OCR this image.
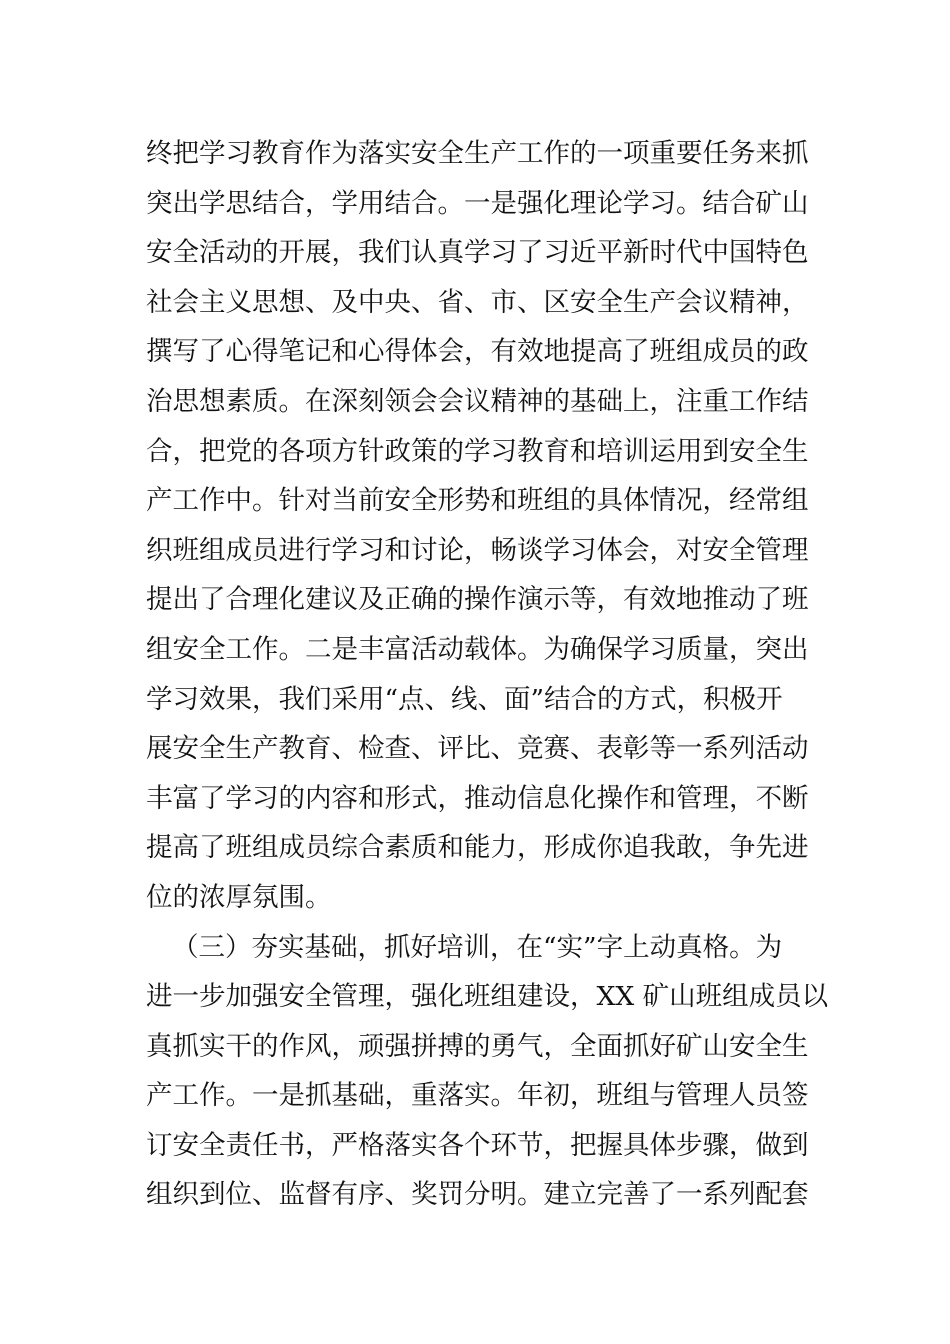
终把学习教育作为落实安全生产工作的一项重要任务来抓
突出学思结合，学用结合。一是强化理论学习。结合矿山
安全活动的开展，我们认真学习了习近平新时代中国特色
社会主义思想、及中央、省、市、区安全生产会议精神，
撰写了心得笔记和心得体会，有效地提高了班组成员的政
治思想素质。在深刻领会会议精神的基础上，注重工作结
合，把党的各项方针政策的学习教育和培训运用到安全生
产工作中。针对当前安全形势和班组的具体情况，经常组
织班组成员进行学习和讨论，畅谈学习体会，对安全管理
提出了合理化建议及正确的操作演示等，有效地推动了班
组安全工作。二是丰富活动载体。为确保学习质量，突出
学习效果，我们采用“点、线、面”结合的方式，积极开
展安全生产教育、检查、评比、竞赛、表彰等一系列活动
丰富了学习的内容和形式，推动信息化操作和管理，不断
提高了班组成员综合素质和能力，形成你追我敢，争先进
位的浓厚氛围。
（三）夯实基础，抓好培训，在“实”字上动真格。为
进一步加强安全管理，强化班组建设，XX 矿山班组成员以
真抓实干的作风，顽强拼搏的勇气，全面抓好矿山安全生
产工作。一是抓基础，重落实。年初，班组与管理人员签
订安全责任书，严格落实各个环节，把握具体步骤，做到
组织到位、监督有序、奖罚分明。建立完善了一系列配套
